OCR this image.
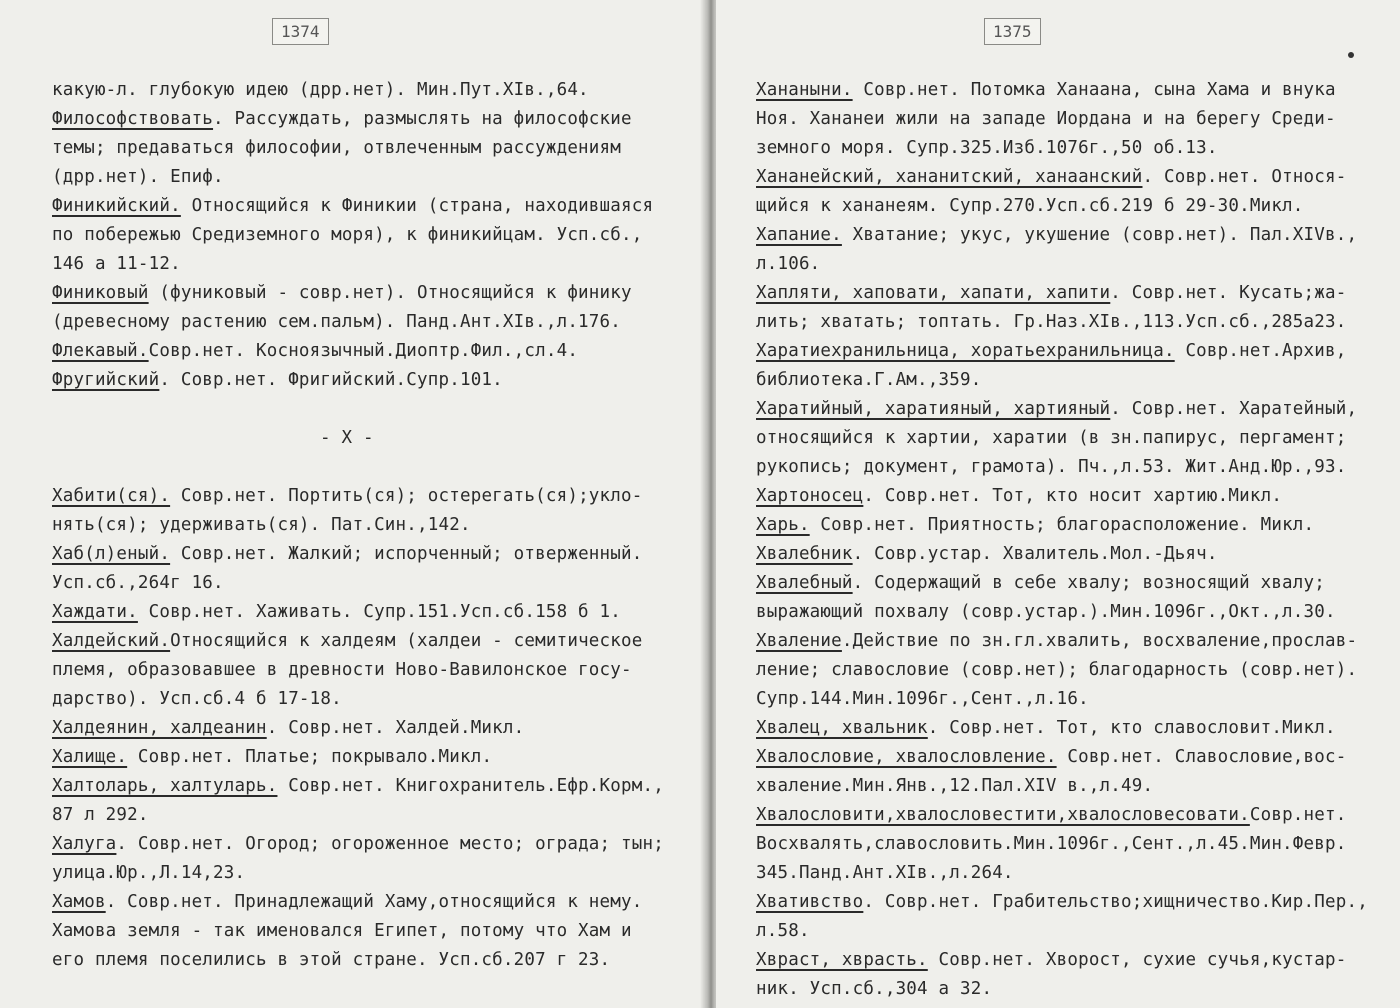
1374
какую-л. глубокую идею (дрр.нет). Мин.Пут.XIв.,64.
Философствовать. Рассуждать, размыслять на философские
темы; предаваться философии, отвлеченным рассуждениям
(дрр.нет). Епиф.
Финикийский. Относящийся к Финикии (страна, находившаяся
по побережью Средиземного моря), к финикийцам. Усп.сб.,
146 а 11-12.
Финиковый (фуниковый - совр.нет). Относящийся к финику
(древесному растению сем.пальм). Панд.Ант.XIв.,л.176.
Флекавый.Совр.нет. Косноязычный.Диоптр.Фил.,сл.4.
Фругийский. Совр.нет. Фригийский.Супр.101.
- X -
Хабити(ся). Совр.нет. Портить(ся); остерегать(ся);укло-
нять(ся); удерживать(ся). Пат.Син.,142.
Хаб(л)еный. Совр.нет. Жалкий; испорченный; отверженный.
Усп.сб.,264г 16.
Хаждати. Совр.нет. Хаживать. Супр.151.Усп.сб.158 б 1.
Халдейский.Относящийся к халдеям (халдеи - семитическое
племя, образовавшее в древности Ново-Вавилонское госу-
дарство). Усп.сб.4 б 17-18.
Халдеянин, халдеанин. Совр.нет. Халдей.Микл.
Халище. Совр.нет. Платье; покрывало.Микл.
Халтоларь, халтуларь. Совр.нет. Книгохранитель.Ефр.Корм.,
87 л 292.
Халуга. Совр.нет. Огород; огороженное место; ограда; тын;
улица.Юр.,Л.14,23.
Хамов. Совр.нет. Принадлежащий Хаму,относящийся к нему.
Хамова земля - так именовался Египет, потому что Хам и
его племя поселились в этой стране. Усп.сб.207 г 23.
1375
Хананыни. Совр.нет. Потомка Ханаана, сына Хама и внука
Ноя. Хананеи жили на западе Иордана и на берегу Среди-
земного моря. Супр.325.Изб.1076г.,50 об.13.
Хананейский, хананитский, ханаанский. Совр.нет. Относя-
щийся к хананеям. Супр.270.Усп.сб.219 б 29-30.Микл.
Хапание. Хватание; укус, укушение (совр.нет). Пал.XIVв.,
л.106.
Хапляти, хаповати, хапати, хапити. Совр.нет. Кусать;жа-
лить; хватать; топтать. Гр.Наз.XIв.,113.Усп.сб.,285а23.
Харатиехранильница, хоратьехранильница. Совр.нет.Архив,
библиотека.Г.Ам.,359.
Харатийный, харатияный, хартияный. Совр.нет. Харатейный,
относящийся к хартии, харатии (в зн.папирус, пергамент;
рукопись; документ, грамота). Пч.,л.53. Жит.Анд.Юр.,93.
Хартоносец. Совр.нет. Тот, кто носит хартию.Микл.
Харь. Совр.нет. Приятность; благорасположение. Микл.
Хвалебник. Совр.устар. Хвалитель.Мол.-Дьяч.
Хвалебный. Содержащий в себе хвалу; возносящий хвалу;
выражающий похвалу (совр.устар.).Мин.1096г.,Окт.,л.30.
Хваление.Действие по зн.гл.хвалить, восхваление,прослав-
ление; славословие (совр.нет); благодарность (совр.нет).
Супр.144.Мин.1096г.,Сент.,л.16.
Хвалец, хвальник. Совр.нет. Тот, кто славословит.Микл.
Хвалословие, хвалословление. Совр.нет. Славословие,вос-
хваление.Мин.Янв.,12.Пал.XIV в.,л.49.
Хвалословити,хвалословестити,хвалословесовати.Совр.нет.
Восхвалять,славословить.Мин.1096г.,Сент.,л.45.Мин.Февр.
345.Панд.Ант.XIв.,л.264.
Хвативство. Совр.нет. Грабительство;хищничество.Кир.Пер.,
л.58.
Хвраст, хврасть. Совр.нет. Хворост, сухие сучья,кустар-
ник. Усп.сб.,304 а 32.
